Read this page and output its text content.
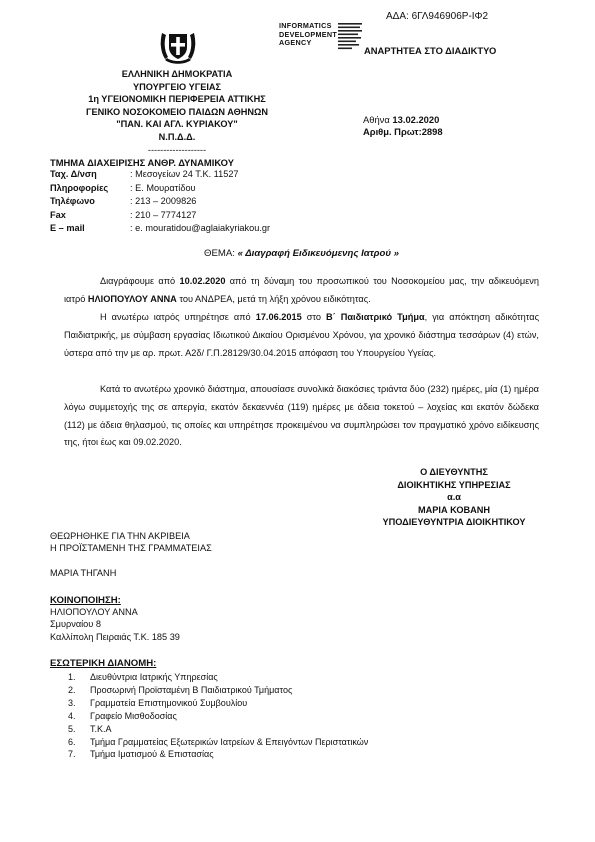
ΑΔΑ: 6ΓΛ946906Ρ-ΙΦ2
INFORMATICS
DEVELOPMENT
AGENCY
ΑΝΑΡΤΗΤΕΑ ΣΤΟ ΔΙΑΔΙΚΤΥΟ
ΕΛΛΗΝΙΚΗ ΔΗΜΟΚΡΑΤΙΑ
ΥΠΟΥΡΓΕΙΟ ΥΓΕΙΑΣ
1η ΥΓΕΙΟΝΟΜΙΚΗ ΠΕΡΙΦΕΡΕΙΑ ΑΤΤΙΚΗΣ
ΓΕΝΙΚΟ ΝΟΣΟΚΟΜΕΙΟ ΠΑΙΔΩΝ ΑΘΗΝΩΝ
"ΠΑΝ. ΚΑΙ ΑΓΛ. ΚΥΡΙΑΚΟΥ"
Ν.Π.Δ.Δ.
-------------------
Αθήνα 13.02.2020
Αριθμ. Πρωτ:2898
ΤΜΗΜΑ ΔΙΑΧΕΙΡΙΣΗΣ ΑΝΘΡ. ΔΥΝΑΜΙΚΟΥ
Ταχ. Δ/νση	: Μεσογείων 24 Τ.Κ. 11527
Πληροφορίες	: Ε. Μουρατίδου
Τηλέφωνο	: 213 – 2009826
Fax	: 210 – 7774127
E – mail	: e. mouratidou@aglaiakyriakou.gr
ΘΕΜΑ: « Διαγραφή Ειδικευόμενης Ιατρού »
Διαγράφουμε από 10.02.2020 από τη δύναμη του προσωπικού του Νοσοκομείου μας, την αδικευόμενη ιατρό ΗΛΙΟΠΟΥΛΟΥ ΑΝΝΑ του ΑΝΔΡΕΑ, μετά τη λήξη χρόνου ειδικότητας.
Η ανωτέρω ιατρός υπηρέτησε από 17.06.2015 στο Β΄ Παιδιατρικό Τμήμα, για απόκτηση αδικότητας Παιδιατρικής, με σύμβαση εργασίας Ιδιωτικού Δικαίου Ορισμένου Χρόνου, για χρονικό διάστημα τεσσάρων (4) ετών, ύστερα από την με αρ. πρωτ. Α2δ/ Γ.Π.28129/30.04.2015 απόφαση του Υπουργείου Υγείας.
Κατά το ανωτέρω χρονικό διάστημα, απουσίασε συνολικά διακόσιες τριάντα δύο (232) ημέρες, μία (1) ημέρα λόγω συμμετοχής της σε απεργία, εκατόν δεκαεννέα (119) ημέρες με άδεια τοκετού – λοχείας και εκατόν δώδεκα (112) με άδεια θηλασμού, τις οποίες και υπηρέτησε προκειμένου να συμπληρώσει τον πραγματικό χρόνο ειδίκευσης της, ήτοι έως και 09.02.2020.
Ο ΔΙΕΥΘΥΝΤΗΣ
ΔΙΟΙΚΗΤΙΚΗΣ ΥΠΗΡΕΣΙΑΣ
α.α
ΜΑΡΙΑ ΚΟΒΑΝΗ
ΥΠΟΔΙΕΥΘΥΝΤΡΙΑ ΔΙΟΙΚΗΤΙΚΟΥ
ΘΕΩΡΗΘΗΚΕ ΓΙΑ ΤΗΝ ΑΚΡΙΒΕΙΑ
Η ΠΡΟΪΣΤΑΜΕΝΗ ΤΗΣ ΓΡΑΜΜΑΤΕΙΑΣ
ΜΑΡΙΑ ΤΗΓΑΝΗ
ΚΟΙΝΟΠΟΙΗΣΗ:
ΗΛΙΟΠΟΥΛΟΥ ΑΝΝΑ
Σμυρναίου 8
Καλλίπολη Πειραιάς Τ.Κ. 185 39
ΕΣΩΤΕΡΙΚΗ ΔΙΑΝΟΜΗ:
1.	Διευθύντρια Ιατρικής Υπηρεσίας
2.	Προσωρινή Προϊσταμένη Β Παιδιατρικού Τμήματος
3.	Γραμματεία Επιστημονικού Συμβουλίου
4.	Γραφείο Μισθοδοσίας
5.	Τ.Κ.Α
6.	Τμήμα Γραμματείας Εξωτερικών Ιατρείων & Επειγόντων Περιστατικών
7.	Τμήμα Ιματισμού & Επιστασίας
